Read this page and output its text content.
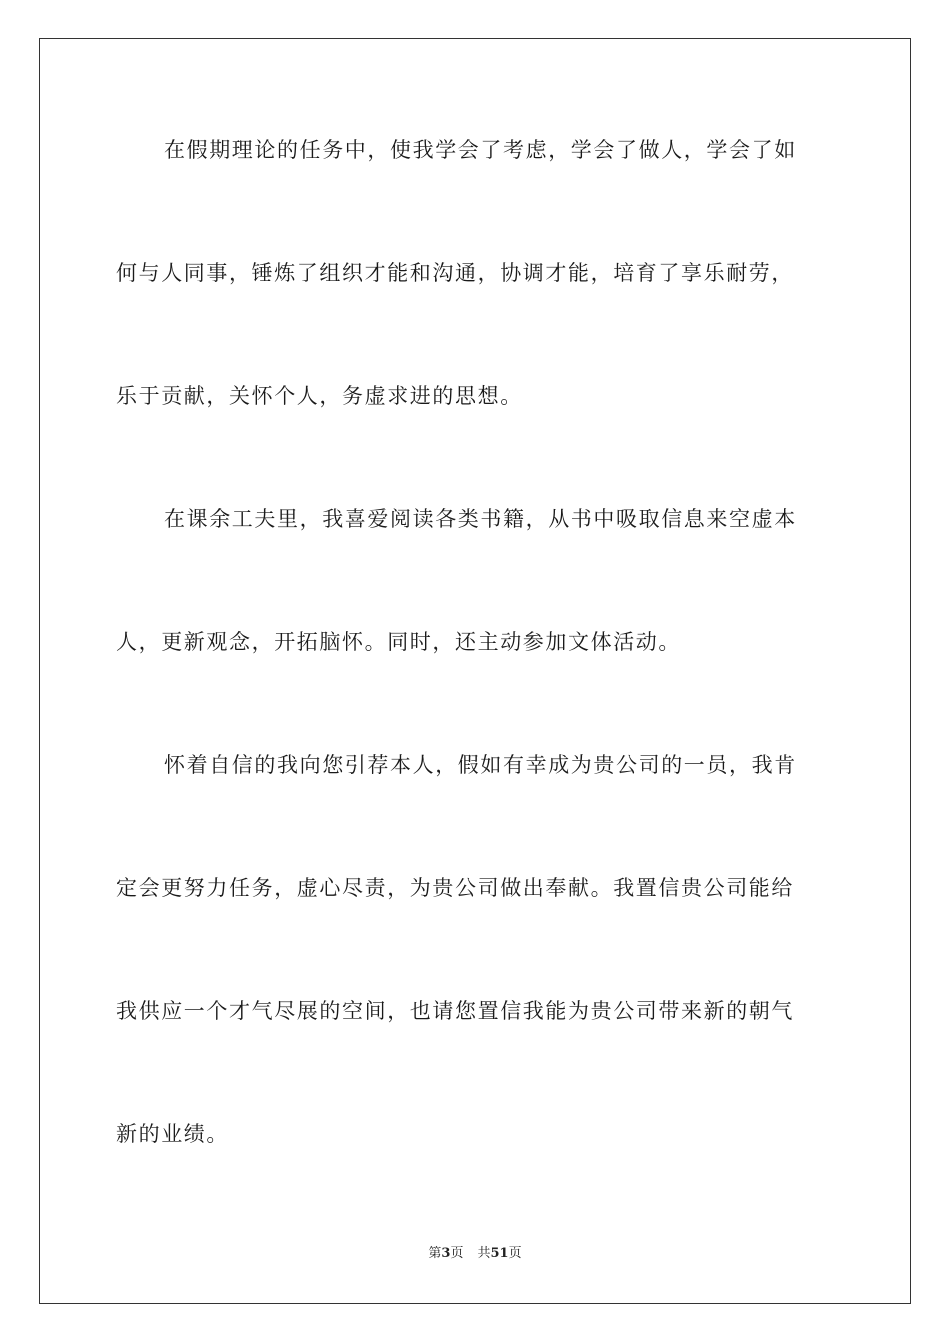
在假期理论的任务中，使我学会了考虑，学会了做人，学会了如
何与人同事，锤炼了组织才能和沟通，协调才能，培育了享乐耐劳，
乐于贡献，关怀个人，务虚求进的思想。
在课余工夫里，我喜爱阅读各类书籍，从书中吸取信息来空虚本
人，更新观念，开拓脑怀。同时，还主动参加文体活动。
怀着自信的我向您引荐本人，假如有幸成为贵公司的一员，我肯
定会更努力任务，虚心尽责，为贵公司做出奉献。我置信贵公司能给
我供应一个才气尽展的空间，也请您置信我能为贵公司带来新的朝气
新的业绩。
第3页 共51页
